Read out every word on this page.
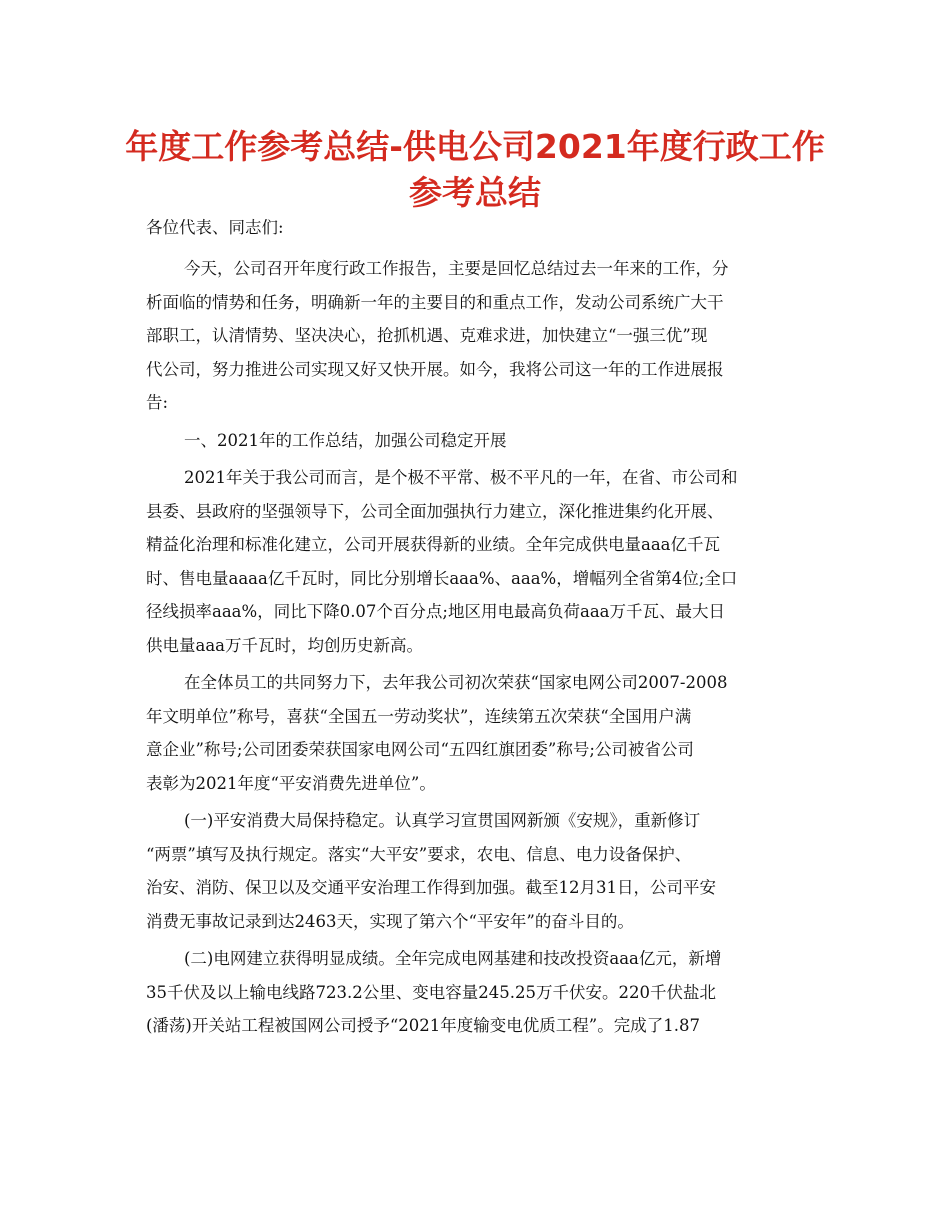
年度工作参考总结-供电公司2021年度行政工作
参考总结

各位代表、同志们:

今天，公司召开年度行政工作报告，主要是回忆总结过去一年来的工作，分
析面临的情势和任务，明确新一年的主要目的和重点工作，发动公司系统广大干
部职工，认清情势、坚决决心，抢抓机遇、克难求进，加快建立“一强三优”现
代公司，努力推进公司实现又好又快开展。如今，我将公司这一年的工作进展报
告:

一、2021年的工作总结，加强公司稳定开展

2021年关于我公司而言，是个极不平常、极不平凡的一年，在省、市公司和
县委、县政府的坚强领导下，公司全面加强执行力建立，深化推进集约化开展、
精益化治理和标准化建立，公司开展获得新的业绩。全年完成供电量aaa亿千瓦
时、售电量aaaa亿千瓦时，同比分别增长aaa%、aaa%，增幅列全省第4位;全口
径线损率aaa%，同比下降0.07个百分点;地区用电最高负荷aaa万千瓦、最大日
供电量aaa万千瓦时，均创历史新高。

在全体员工的共同努力下，去年我公司初次荣获“国家电网公司2007-2008
年文明单位”称号，喜获“全国五一劳动奖状”，连续第五次荣获“全国用户满
意企业”称号;公司团委荣获国家电网公司“五四红旗团委”称号;公司被省公司
表彰为2021年度“平安消费先进单位”。

(一)平安消费大局保持稳定。认真学习宣贯国网新颁《安规》，重新修订
“两票”填写及执行规定。落实“大平安”要求，农电、信息、电力设备保护、
治安、消防、保卫以及交通平安治理工作得到加强。截至12月31日，公司平安
消费无事故记录到达2463天，实现了第六个“平安年”的奋斗目的。

(二)电网建立获得明显成绩。全年完成电网基建和技改投资aaa亿元，新增
35千伏及以上输电线路723.2公里、变电容量245.25万千伏安。220千伏盐北
(潘荡)开关站工程被国网公司授予“2021年度输变电优质工程”。完成了1.87
